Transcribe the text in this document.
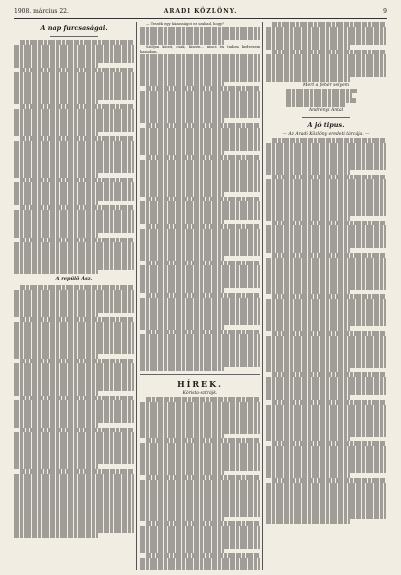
1908. március 22.	ARADI KÖZLÖNY.	9
A nap furcsaságai.
A repülő Ász.

— Tessék egy házasságot ez szabad, hogy?

Szóljon kicsit, csak, hiszen... nincs én tudom kedvesem hazudom.

HÍREK.
Kórista-sztrájk.
Mert a fehér selyem
Andrényi Antal
A jó tipus.
— Az Aradi Közlöny eredeti tárcája. —
